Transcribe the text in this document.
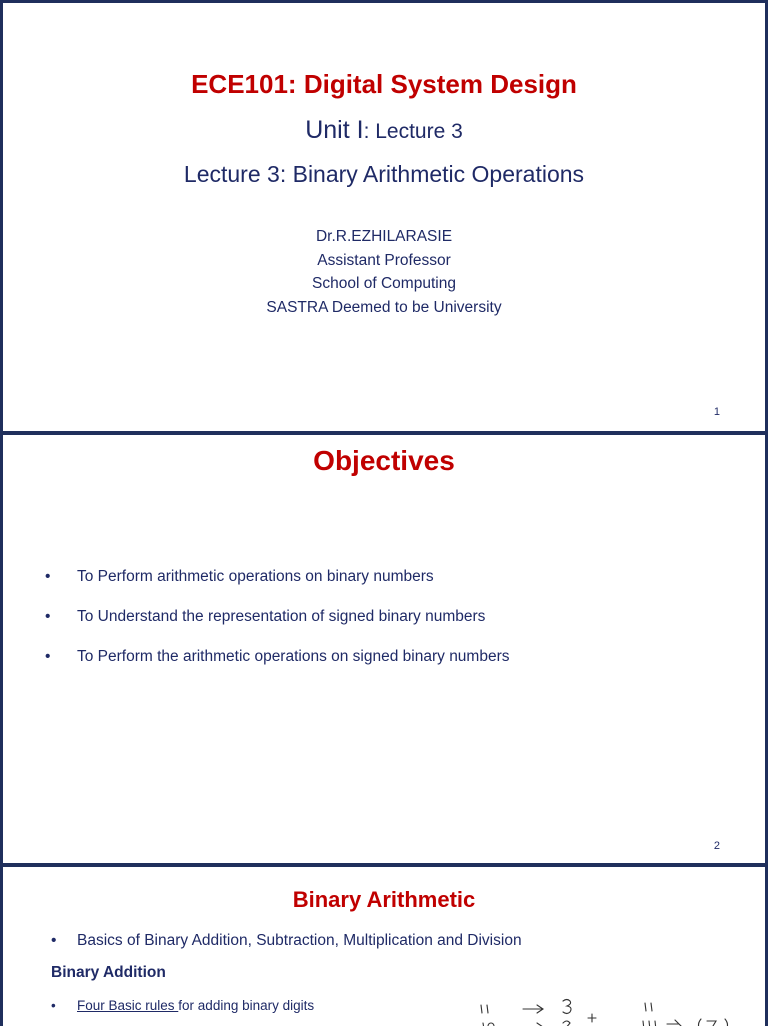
ECE101: Digital System Design
Unit I: Lecture 3
Lecture 3: Binary Arithmetic Operations
Dr.R.EZHILARASIE
Assistant Professor
School of Computing
SASTRA Deemed to be University
1
Objectives
• To Perform arithmetic operations on binary numbers
• To Understand the representation of signed binary numbers
• To Perform the arithmetic operations on signed binary numbers
2
Binary Arithmetic
• Basics of Binary Addition, Subtraction, Multiplication and Division
Binary Addition
• Four Basic rules for adding binary digits
